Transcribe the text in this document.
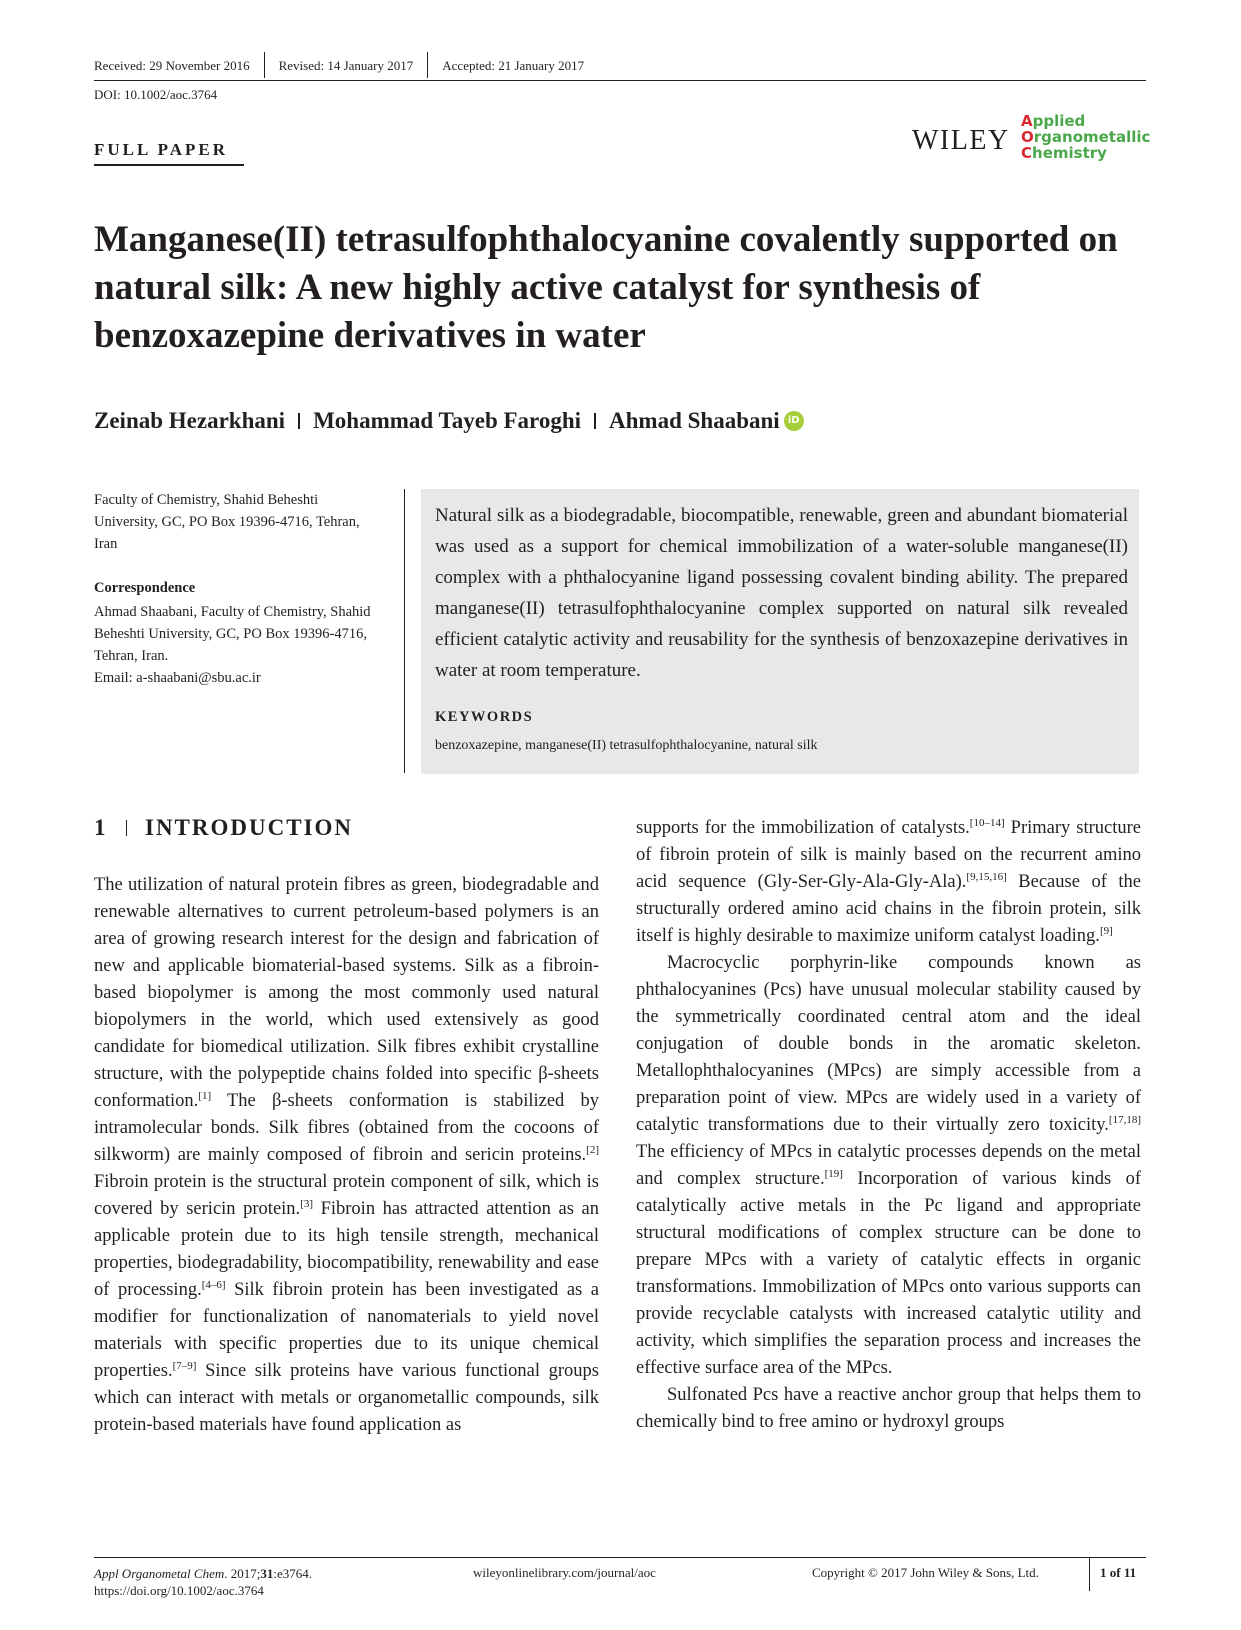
Received: 29 November 2016 Revised: 14 January 2017 Accepted: 21 January 2017
DOI: 10.1002/aoc.3764
FULL PAPER	WILEY
Applied
Organometallic
Chemistry
Manganese(II) tetrasulfophthalocyanine covalently supported on natural silk: A new highly active catalyst for synthesis of benzoxazepine derivatives in water
Zeinab Hezarkhani Mohammad Tayeb Faroghi Ahmad Shaabani iD
Faculty of Chemistry, Shahid Beheshti University, GC, PO Box 19396-4716, Tehran, Iran
Correspondence
Ahmad Shaabani, Faculty of Chemistry, Shahid Beheshti University, GC, PO Box 19396-4716, Tehran, Iran.
Email: a-shaabani@sbu.ac.ir
Natural silk as a biodegradable, biocompatible, renewable, green and abundant biomaterial was used as a support for chemical immobilization of a water-soluble manganese(II) complex with a phthalocyanine ligand possessing covalent binding ability. The prepared manganese(II) tetrasulfophthalocyanine complex supported on natural silk revealed efficient catalytic activity and reusability for the synthesis of benzoxazepine derivatives in water at room temperature.
KEYWORDS
benzoxazepine, manganese(II) tetrasulfophthalocyanine, natural silk
1 INTRODUCTION

The utilization of natural protein fibres as green, biodegradable and renewable alternatives to current petroleum-based polymers is an area of growing research interest for the design and fabrication of new and applicable biomaterial-based systems. Silk as a fibroin-based biopolymer is among the most commonly used natural biopolymers in the world, which used extensively as good candidate for biomedical utilization. Silk fibres exhibit crystalline structure, with the polypeptide chains folded into specific β-sheets conformation.[1] The β-sheets conformation is stabilized by intramolecular bonds. Silk fibres (obtained from the cocoons of silkworm) are mainly composed of fibroin and sericin proteins.[2] Fibroin protein is the structural protein component of silk, which is covered by sericin protein.[3] Fibroin has attracted attention as an applicable protein due to its high tensile strength, mechanical properties, biodegradability, biocompatibility, renewability and ease of processing.[4–6] Silk fibroin protein has been investigated as a modifier for functionalization of nanomaterials to yield novel materials with specific properties due to its unique chemical properties.[7–9] Since silk proteins have various functional groups which can interact with metals or organometallic compounds, silk protein-based materials have found application as

supports for the immobilization of catalysts.[10–14] Primary structure of fibroin protein of silk is mainly based on the recurrent amino acid sequence (Gly-Ser-Gly-Ala-Gly-Ala).[9,15,16] Because of the structurally ordered amino acid chains in the fibroin protein, silk itself is highly desirable to maximize uniform catalyst loading.[9]

Macrocyclic porphyrin-like compounds known as phthalocyanines (Pcs) have unusual molecular stability caused by the symmetrically coordinated central atom and the ideal conjugation of double bonds in the aromatic skeleton. Metallophthalocyanines (MPcs) are simply accessible from a preparation point of view. MPcs are widely used in a variety of catalytic transformations due to their virtually zero toxicity.[17,18] The efficiency of MPcs in catalytic processes depends on the metal and complex structure.[19] Incorporation of various kinds of catalytically active metals in the Pc ligand and appropriate structural modifications of complex structure can be done to prepare MPcs with a variety of catalytic effects in organic transformations. Immobilization of MPcs onto various supports can provide recyclable catalysts with increased catalytic utility and activity, which simplifies the separation process and increases the effective surface area of the MPcs.

Sulfonated Pcs have a reactive anchor group that helps them to chemically bind to free amino or hydroxyl groups

Appl Organometal Chem. 2017;31:e3764.
https://doi.org/10.1002/aoc.3764
wileyonlinelibrary.com/journal/aoc	Copyright © 2017 John Wiley & Sons, Ltd.	1 of 11
